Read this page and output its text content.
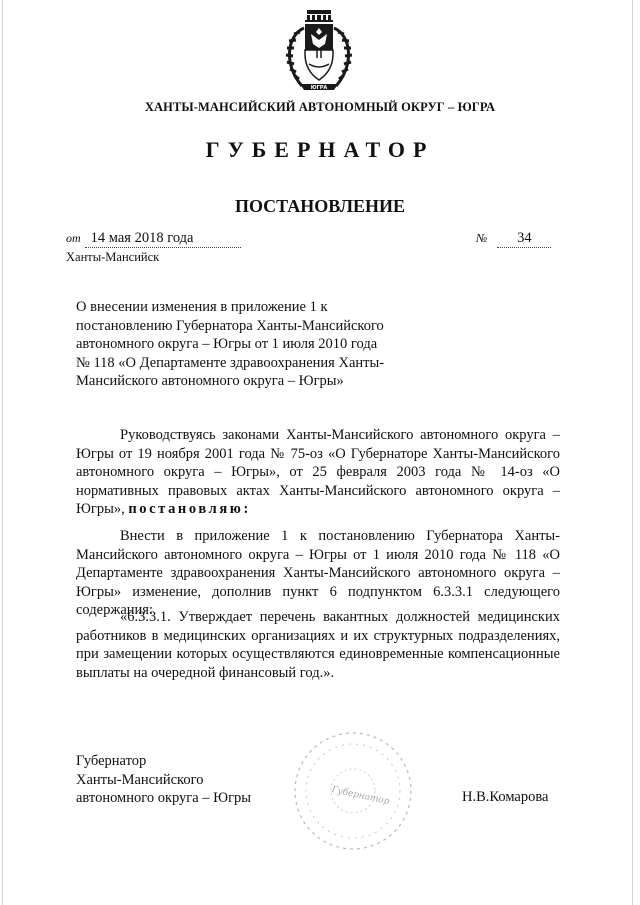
ЮГРА
ХАНТЫ-МАНСИЙСКИЙ АВТОНОМНЫЙ ОКРУГ – ЮГРА
ГУБЕРНАТОР
ПОСТАНОВЛЕНИЕ
от 14 мая 2018 года	№ 34
Ханты-Мансийск
О внесении изменения в приложение 1 к
постановлению Губернатора Ханты-Мансийского
автономного округа – Югры от 1 июля 2010 года
№ 118 «О Департаменте здравоохранения Ханты-
Мансийского автономного округа – Югры»
Руководствуясь законами Ханты-Мансийского автономного округа – Югры от 19 ноября 2001 года № 75-оз «О Губернаторе Ханты-Мансийского автономного округа – Югры», от 25 февраля 2003 года № 14-оз «О нормативных правовых актах Ханты-Мансийского автономного округа – Югры», постановляю:
Внести в приложение 1 к постановлению Губернатора Ханты-Мансийского автономного округа – Югры от 1 июля 2010 года № 118 «О Департаменте здравоохранения Ханты-Мансийского автономного округа – Югры» изменение, дополнив пункт 6 подпунктом 6.3.3.1 следующего содержания:
«6.3.3.1. Утверждает перечень вакантных должностей медицинских работников в медицинских организациях и их структурных подразделениях, при замещении которых осуществляются единовременные компенсационные выплаты на очередной финансовый год.».
Губернатор
Ханты-Мансийского
автономного округа – Югры	Губернатор	Н.В.Комарова
